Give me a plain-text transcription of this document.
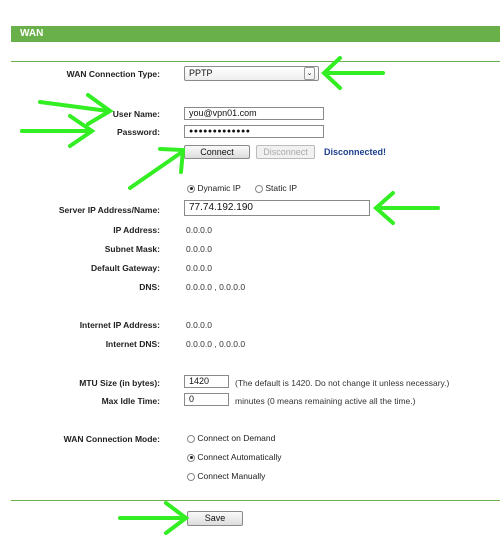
WAN
WAN Connection Type:	PPTP	⌄
User Name:	you@vpn01.com
Password:	●●●●●●●●●●●●●
Connect	Disconnect	Disconnected!
Dynamic IP	Static IP
Server IP Address/Name:	77.74.192.190
IP Address:	0.0.0.0
Subnet Mask:	0.0.0.0
Default Gateway:	0.0.0.0
DNS:	0.0.0.0 , 0.0.0.0
Internet IP Address:	0.0.0.0
Internet DNS:	0.0.0.0 , 0.0.0.0
MTU Size (in bytes):	1420	(The default is 1420. Do not change it unless necessary.)
Max Idle Time:	0	minutes (0 means remaining active all the time.)
WAN Connection Mode:	Connect on Demand
Connect Automatically
Connect Manually
Save
